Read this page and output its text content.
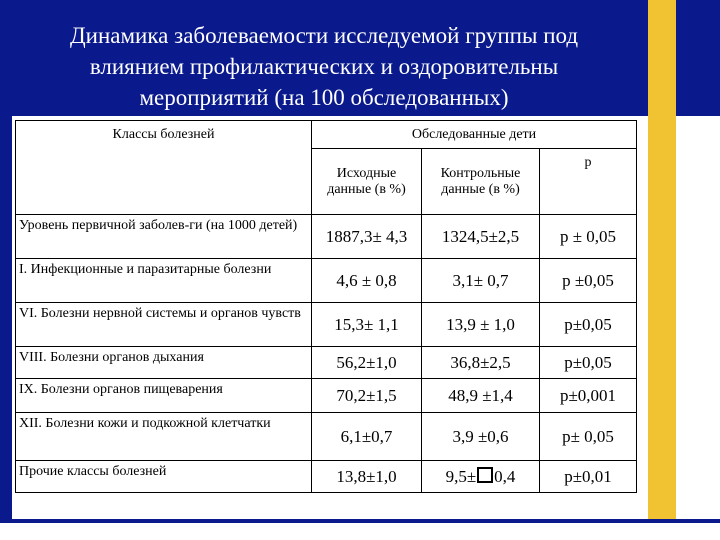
Динамика заболеваемости исследуемой группы под
влиянием профилактических и оздоровительны
мероприятий (на 100 обследованных)
Классы болезней	Обследованные дети		
	Исходные данные (в %)	Контрольные данные (в %)	р
Уровень первичной заболев-ги (на 1000 детей)	1887,3± 4,3	1324,5±2,5	р ± 0,05
I. Инфекционные и паразитарные болезни	4,6 ± 0,8	3,1± 0,7	р ±0,05
VI. Болезни нервной системы и органов чувств	15,3± 1,1	13,9 ± 1,0	р±0,05
VIII. Болезни органов дыхания	56,2±1,0	36,8±2,5	р±0,05
IX. Болезни органов пищеварения	70,2±1,5	48,9 ±1,4	р±0,001
XII. Болезни кожи и подкожной клетчатки	6,1±0,7	3,9 ±0,6	р± 0,05
Прочие классы болезней	13,8±1,0	9,5± 0,4	р±0,01
